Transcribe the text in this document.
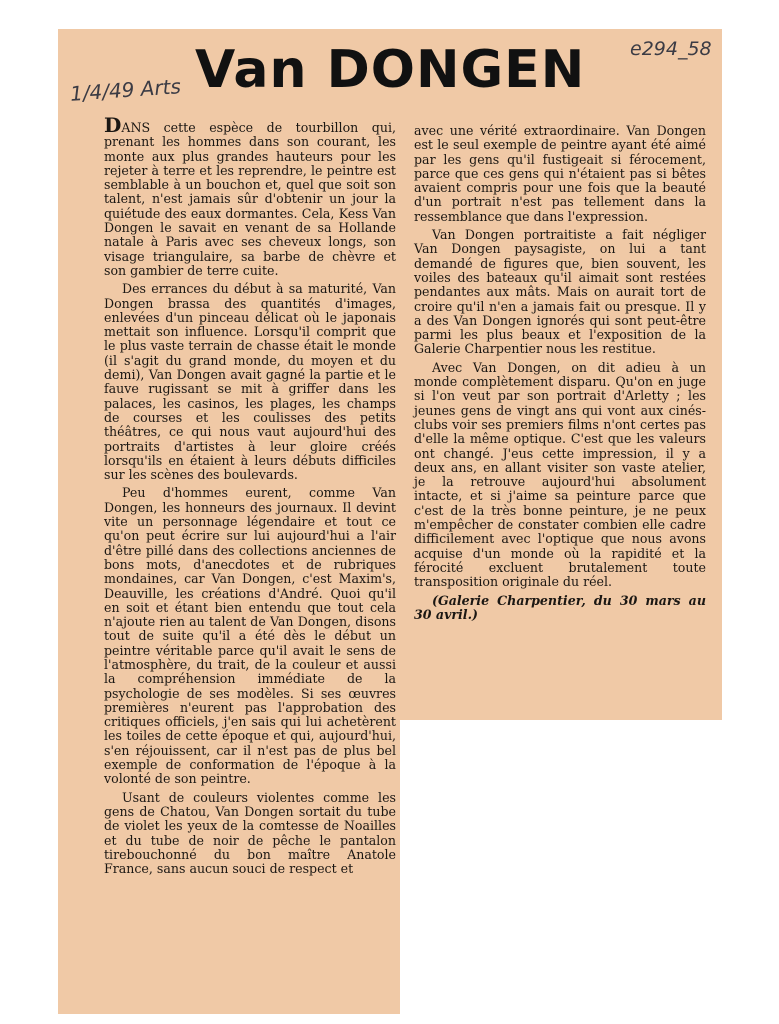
1/4/49 Arts
e294_58
Van DONGEN

DANS cette espèce de tourbillon qui, prenant les hommes dans son courant, les monte aux plus grandes hauteurs pour les rejeter à terre et les reprendre, le peintre est semblable à un bouchon et, quel que soit son talent, n'est jamais sûr d'obtenir un jour la quiétude des eaux dormantes. Cela, Kess Van Dongen le savait en venant de sa Hollande natale à Paris avec ses cheveux longs, son visage triangulaire, sa barbe de chèvre et son gambier de terre cuite.

Des errances du début à sa maturité, Van Dongen brassa des quantités d'images, enlevées d'un pinceau délicat où le japonais mettait son influence. Lorsqu'il comprit que le plus vaste terrain de chasse était le monde (il s'agit du grand monde, du moyen et du demi), Van Dongen avait gagné la partie et le fauve rugissant se mit à griffer dans les palaces, les casinos, les plages, les champs de courses et les coulisses des petits théâtres, ce qui nous vaut aujourd'hui des portraits d'artistes à leur gloire créés lorsqu'ils en étaient à leurs débuts difficiles sur les scènes des boulevards.

Peu d'hommes eurent, comme Van Dongen, les honneurs des journaux. Il devint vite un personnage légendaire et tout ce qu'on peut écrire sur lui aujourd'hui a l'air d'être pillé dans des collections anciennes de bons mots, d'anecdotes et de rubriques mondaines, car Van Dongen, c'est Maxim's, Deauville, les créations d'André. Quoi qu'il en soit et étant bien entendu que tout cela n'ajoute rien au talent de Van Dongen, disons tout de suite qu'il a été dès le début un peintre véritable parce qu'il avait le sens de l'atmosphère, du trait, de la couleur et aussi la compréhension immédiate de la psychologie de ses modèles. Si ses œuvres premières n'eurent pas l'approbation des critiques officiels, j'en sais qui lui achetèrent les toiles de cette époque et qui, aujourd'hui, s'en réjouissent, car il n'est pas de plus bel exemple de conformation de l'époque à la volonté de son peintre.

Usant de couleurs violentes comme les gens de Chatou, Van Dongen sortait du tube de violet les yeux de la comtesse de Noailles et du tube de noir de pêche le pantalon tirebouchonné du bon maître Anatole France, sans aucun souci de respect et

avec une vérité extraordinaire. Van Dongen est le seul exemple de peintre ayant été aimé par les gens qu'il fustigeait si férocement, parce que ces gens qui n'étaient pas si bêtes avaient compris pour une fois que la beauté d'un portrait n'est pas tellement dans la ressemblance que dans l'expression.

Van Dongen portraitiste a fait négliger Van Dongen paysagiste, on lui a tant demandé de figures que, bien souvent, les voiles des bateaux qu'il aimait sont restées pendantes aux mâts. Mais on aurait tort de croire qu'il n'en a jamais fait ou presque. Il y a des Van Dongen ignorés qui sont peut-être parmi les plus beaux et l'exposition de la Galerie Charpentier nous les restitue.

Avec Van Dongen, on dit adieu à un monde complètement disparu. Qu'on en juge si l'on veut par son portrait d'Arletty ; les jeunes gens de vingt ans qui vont aux cinés-clubs voir ses premiers films n'ont certes pas d'elle la même optique. C'est que les valeurs ont changé. J'eus cette impression, il y a deux ans, en allant visiter son vaste atelier, je la retrouve aujourd'hui absolument intacte, et si j'aime sa peinture parce que c'est de la très bonne peinture, je ne peux m'empêcher de constater combien elle cadre difficilement avec l'optique que nous avons acquise d'un monde où la rapidité et la férocité excluent brutalement toute transposition originale du réel.

(Galerie Charpentier, du 30 mars au 30 avril.)
